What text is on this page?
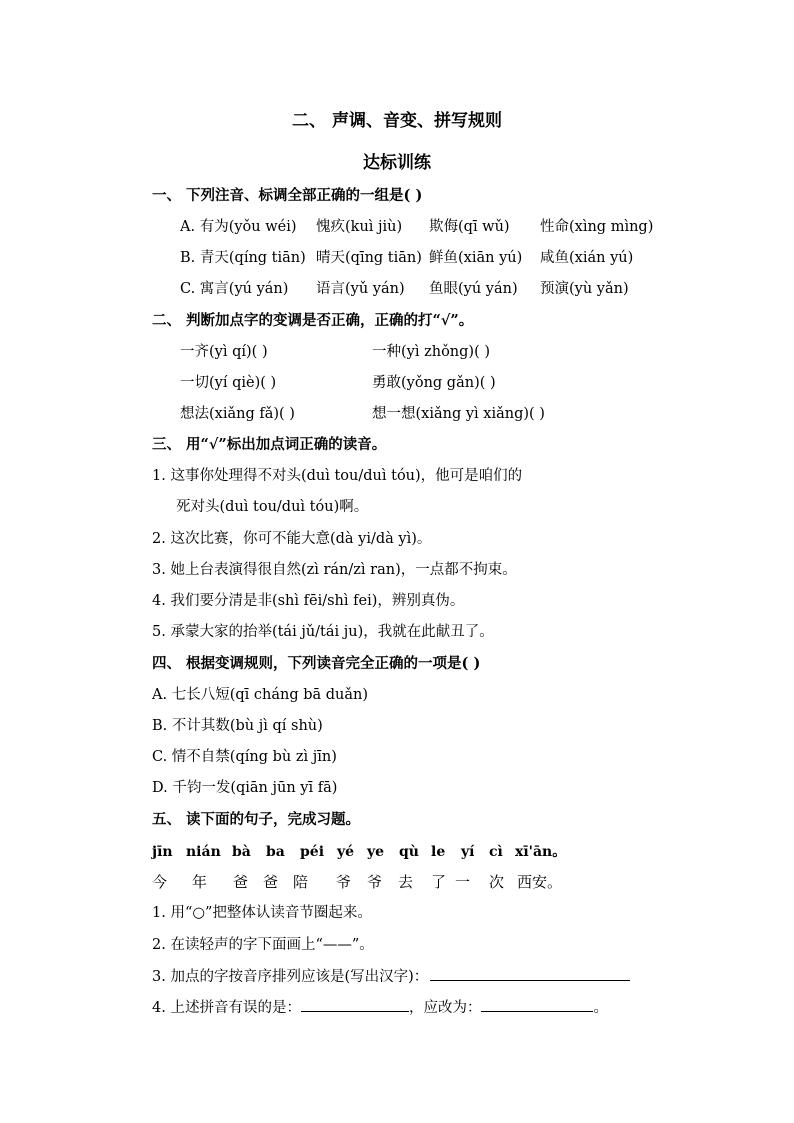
二、 声调、音变、拼写规则
达标训练
一、 下列注音、标调全部正确的一组是( )
A. 有为(yǒu wéi) 愧疚(kuì jiù) 欺侮(qī wǔ) 性命(xìng mìng)
B. 青天(qíng tiān) 晴天(qīng tiān) 鲜鱼(xiān yú) 咸鱼(xián yú)
C. 寓言(yú yán) 语言(yǔ yán) 鱼眼(yú yán) 预演(yù yǎn)
二、 判断加点字的变调是否正确，正确的打“√”。
一齐(yì qí)( )	一种(yì zhǒng)( )
一切(yí qiè)( )	勇敢(yǒng gǎn)( )
想法(xiǎng fǎ)( )	想一想(xiǎng yì xiǎng)( )
三、 用“√”标出加点词正确的读音。
1. 这事你处理得不对头(duì tou/duì tóu)，他可是咱们的
死对头(duì tou/duì tóu)啊。
2. 这次比赛，你可不能大意(dà yi/dà yì)。
3. 她上台表演得很自然(zì rán/zì ran)，一点都不拘束。
4. 我们要分清是非(shì fēi/shì fei)，辨别真伪。
5. 承蒙大家的抬举(tái jǔ/tái ju)，我就在此献丑了。
四、 根据变调规则，下列读音完全正确的一项是( )
A. 七长八短(qī cháng bā duǎn)
B. 不计其数(bù jì qí shù)
C. 情不自禁(qíng bù zì jīn)
D. 千钧一发(qiān jūn yī fā)
五、 读下面的句子，完成习题。
jīn nián bà ba péi yé ye qù le yí cì xī'ān。
今 年 爸 爸 陪 爷 爷 去 了 一 次 西安。
1. 用“○”把整体认读音节圈起来。
2. 在读轻声的字下面画上“——”。
3. 加点的字按音序排列应该是(写出汉字)：
4. 上述拼音有误的是：	，应改为：	。
